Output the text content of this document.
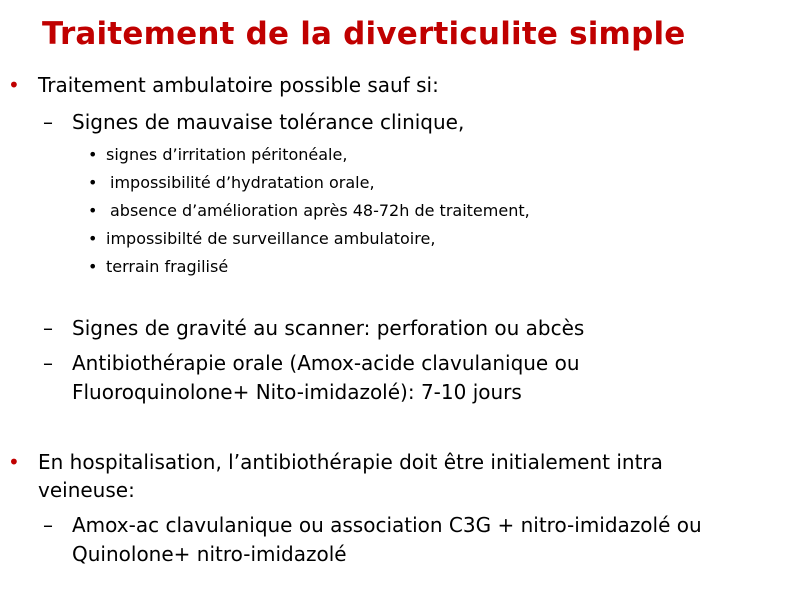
Traitement de la diverticulite simple
• Traitement ambulatoire possible sauf si:
– Signes de mauvaise tolérance clinique,
• signes d’irritation péritonéale,
• impossibilité d’hydratation orale,
• absence d’amélioration après 48-72h de traitement,
• impossibilté de surveillance ambulatoire,
• terrain fragilisé
– Signes de gravité au scanner: perforation ou abcès
– Antibiothérapie orale (Amox-acide clavulanique ou
Fluoroquinolone+ Nito-imidazolé): 7-10 jours
• En hospitalisation, l’antibiothérapie doit être initialement intra
veineuse:
– Amox-ac clavulanique ou association C3G + nitro-imidazolé ou
Quinolone+ nitro-imidazolé
